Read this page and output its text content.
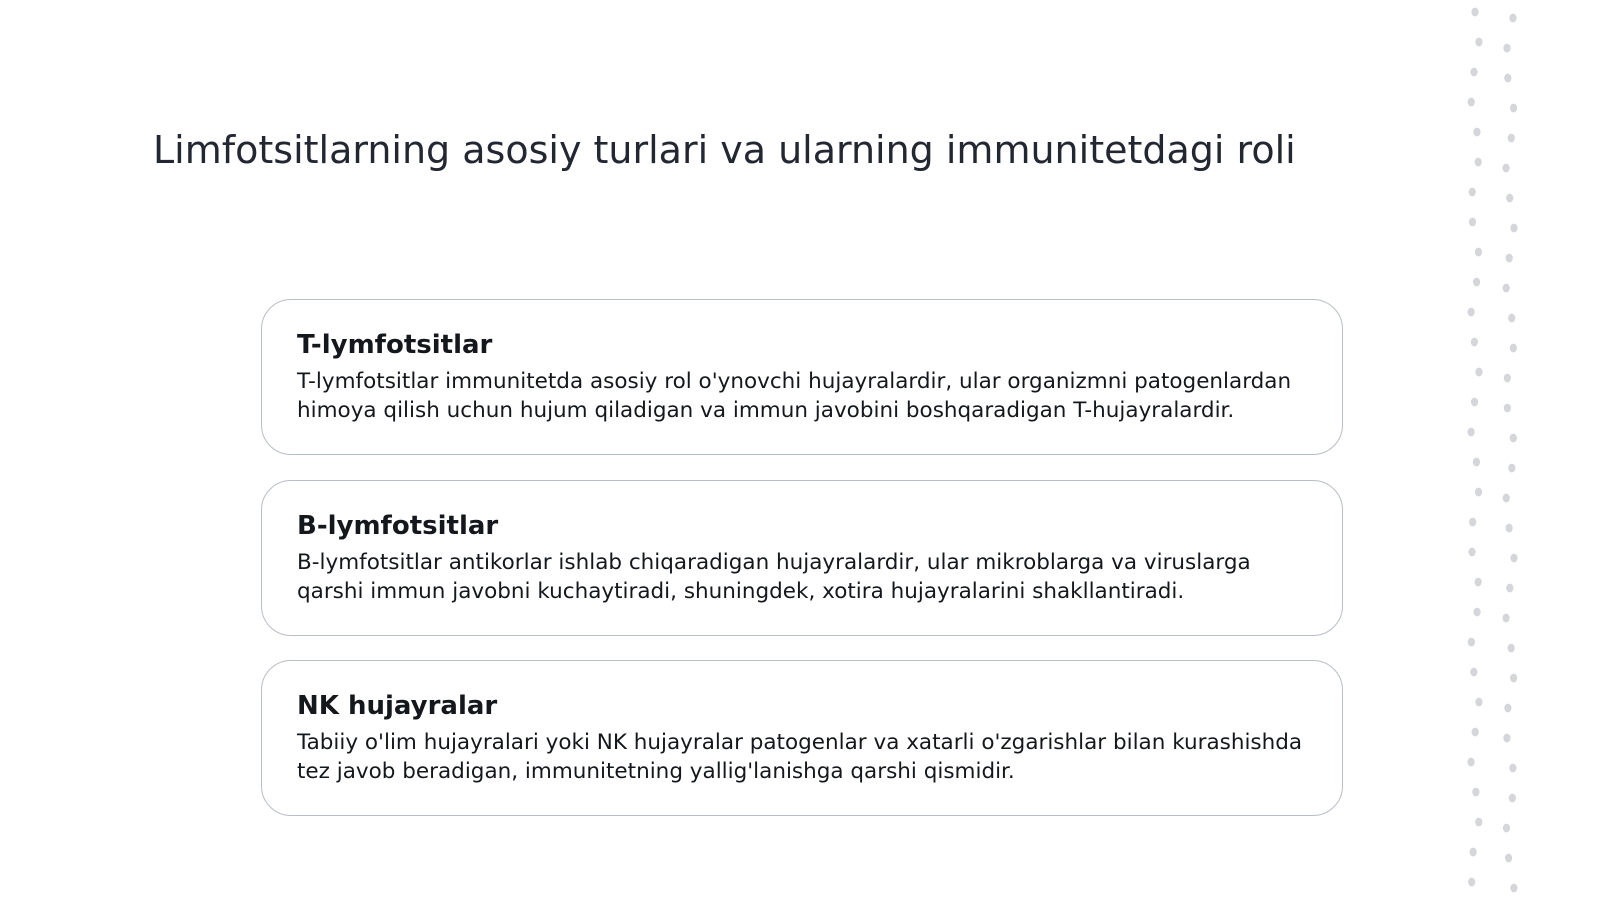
Limfotsitlarning asosiy turlari va ularning immunitetdagi roli
T-lymfotsitlar
T-lymfotsitlar immunitetda asosiy rol o'ynovchi hujayralardir, ular organizmni patogenlardan himoya qilish uchun hujum qiladigan va immun javobini boshqaradigan T-hujayralardir.
B-lymfotsitlar
B-lymfotsitlar antikorlar ishlab chiqaradigan hujayralardir, ular mikroblarga va viruslarga qarshi immun javobni kuchaytiradi, shuningdek, xotira hujayralarini shakllantiradi.
NK hujayralar
Tabiiy o'lim hujayralari yoki NK hujayralar patogenlar va xatarli o'zgarishlar bilan kurashishda tez javob beradigan, immunitetning yallig'lanishga qarshi qismidir.
